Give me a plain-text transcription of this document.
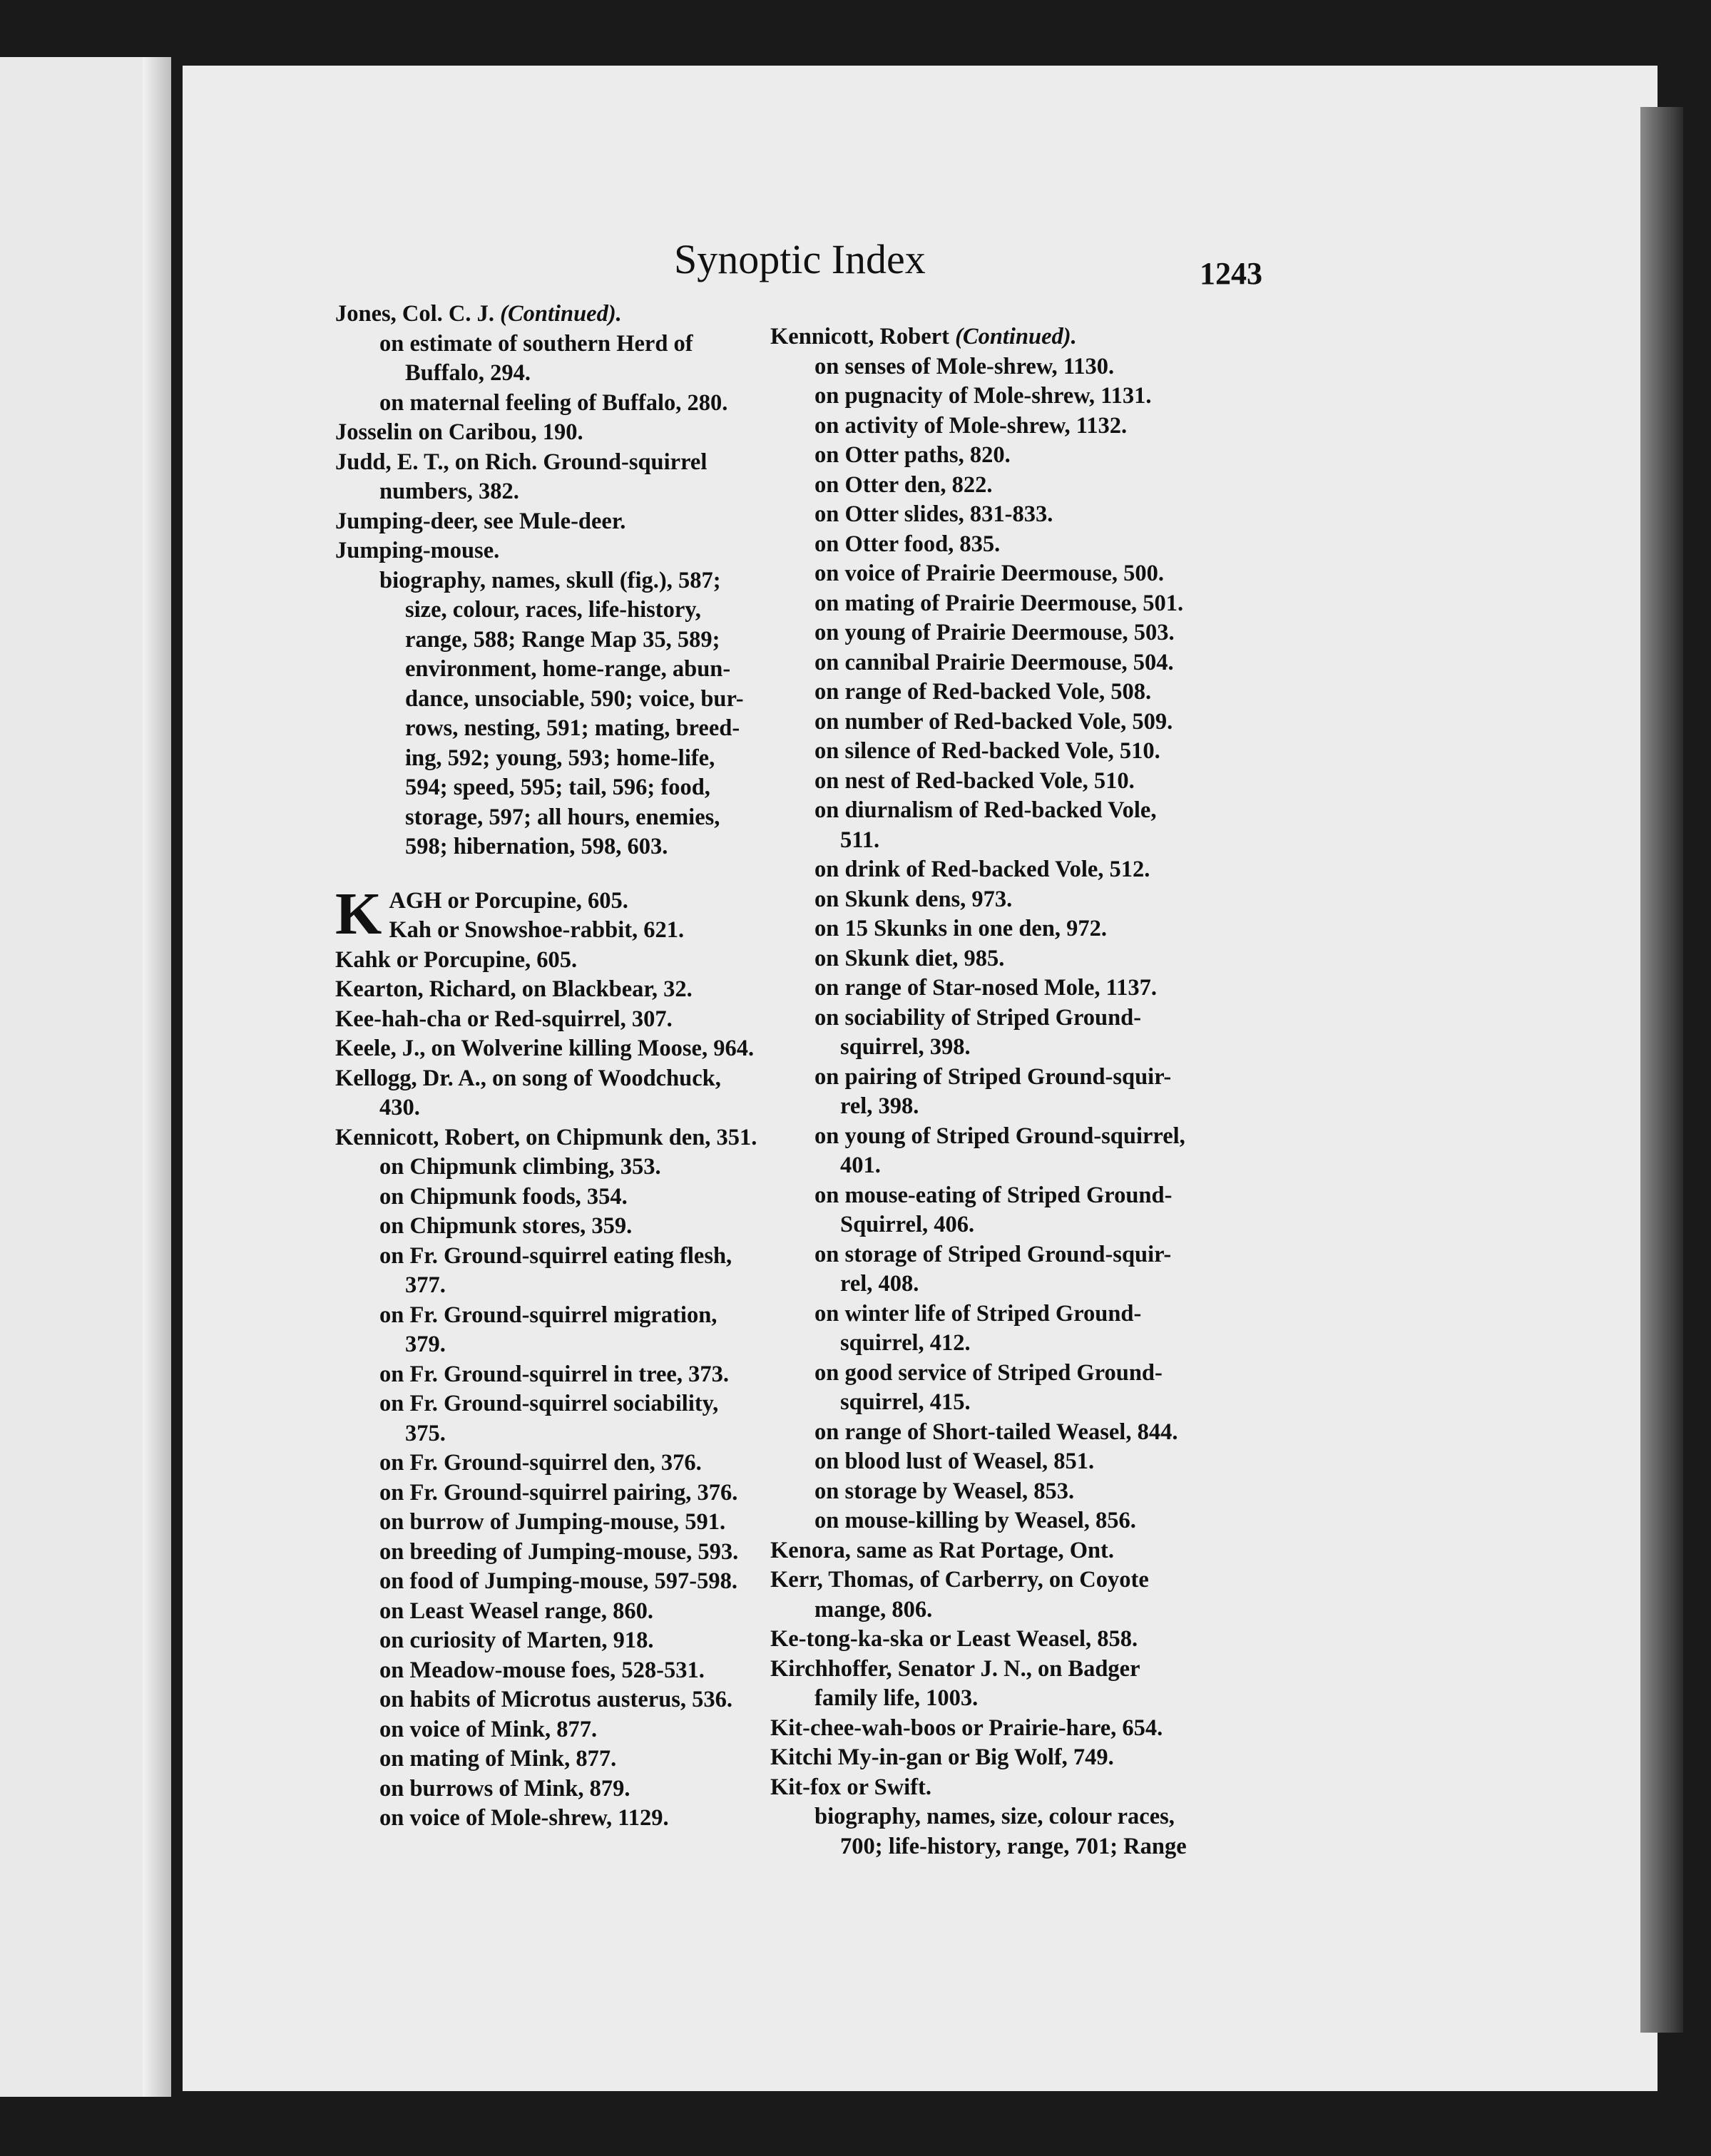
Synoptic Index	1243
Jones, Col. C. J. (Continued).
on estimate of southern Herd of
Buffalo, 294.
on maternal feeling of Buffalo, 280.
Josselin on Caribou, 190.
Judd, E. T., on Rich. Ground-squirrel
numbers, 382.
Jumping-deer, see Mule-deer.
Jumping-mouse.
biography, names, skull (fig.), 587;
size, colour, races, life-history,
range, 588; Range Map 35, 589;
environment, home-range, abun-
dance, unsociable, 590; voice, bur-
rows, nesting, 591; mating, breed-
ing, 592; young, 593; home-life,
594; speed, 595; tail, 596; food,
storage, 597; all hours, enemies,
598; hibernation, 598, 603.
K AGH or Porcupine, 605.
Kah or Snowshoe-rabbit, 621.
Kahk or Porcupine, 605.
Kearton, Richard, on Blackbear, 32.
Kee-hah-cha or Red-squirrel, 307.
Keele, J., on Wolverine killing Moose, 964.
Kellogg, Dr. A., on song of Woodchuck,
430.
Kennicott, Robert, on Chipmunk den, 351.
on Chipmunk climbing, 353.
on Chipmunk foods, 354.
on Chipmunk stores, 359.
on Fr. Ground-squirrel eating flesh,
377.
on Fr. Ground-squirrel migration,
379.
on Fr. Ground-squirrel in tree, 373.
on Fr. Ground-squirrel sociability,
375.
on Fr. Ground-squirrel den, 376.
on Fr. Ground-squirrel pairing, 376.
on burrow of Jumping-mouse, 591.
on breeding of Jumping-mouse, 593.
on food of Jumping-mouse, 597-598.
on Least Weasel range, 860.
on curiosity of Marten, 918.
on Meadow-mouse foes, 528-531.
on habits of Microtus austerus, 536.
on voice of Mink, 877.
on mating of Mink, 877.
on burrows of Mink, 879.
on voice of Mole-shrew, 1129.
Kennicott, Robert (Continued).
on senses of Mole-shrew, 1130.
on pugnacity of Mole-shrew, 1131.
on activity of Mole-shrew, 1132.
on Otter paths, 820.
on Otter den, 822.
on Otter slides, 831-833.
on Otter food, 835.
on voice of Prairie Deermouse, 500.
on mating of Prairie Deermouse, 501.
on young of Prairie Deermouse, 503.
on cannibal Prairie Deermouse, 504.
on range of Red-backed Vole, 508.
on number of Red-backed Vole, 509.
on silence of Red-backed Vole, 510.
on nest of Red-backed Vole, 510.
on diurnalism of Red-backed Vole,
511.
on drink of Red-backed Vole, 512.
on Skunk dens, 973.
on 15 Skunks in one den, 972.
on Skunk diet, 985.
on range of Star-nosed Mole, 1137.
on sociability of Striped Ground-
squirrel, 398.
on pairing of Striped Ground-squir-
rel, 398.
on young of Striped Ground-squirrel,
401.
on mouse-eating of Striped Ground-
Squirrel, 406.
on storage of Striped Ground-squir-
rel, 408.
on winter life of Striped Ground-
squirrel, 412.
on good service of Striped Ground-
squirrel, 415.
on range of Short-tailed Weasel, 844.
on blood lust of Weasel, 851.
on storage by Weasel, 853.
on mouse-killing by Weasel, 856.
Kenora, same as Rat Portage, Ont.
Kerr, Thomas, of Carberry, on Coyote
mange, 806.
Ke-tong-ka-ska or Least Weasel, 858.
Kirchhoffer, Senator J. N., on Badger
family life, 1003.
Kit-chee-wah-boos or Prairie-hare, 654.
Kitchi My-in-gan or Big Wolf, 749.
Kit-fox or Swift.
biography, names, size, colour races,
700; life-history, range, 701; Range
